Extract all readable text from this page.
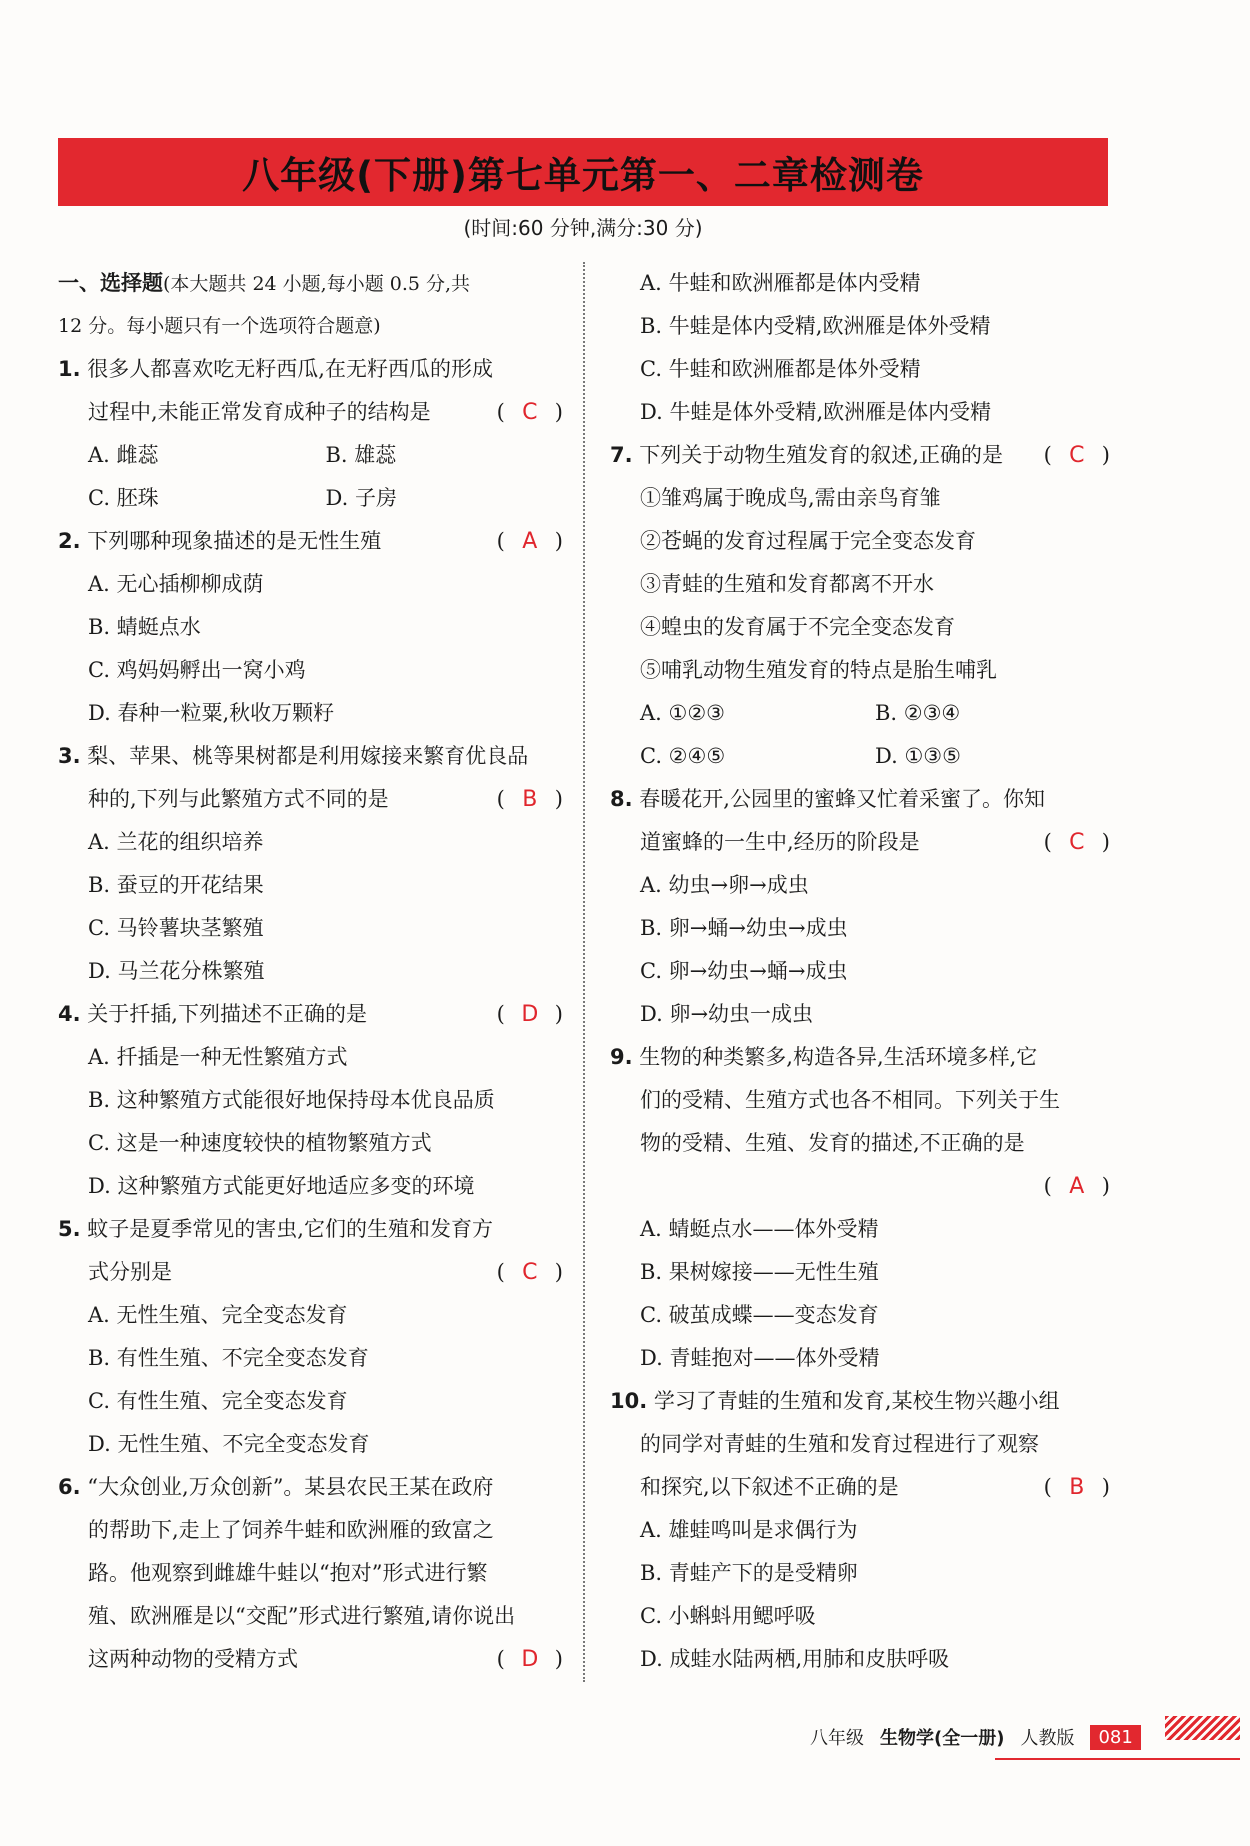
八年级(下册)第七单元第一、二章检测卷
(时间:60 分钟,满分:30 分)
一、选择题(本大题共 24 小题,每小题 0.5 分,共
12 分。每小题只有一个选项符合题意)
1. 很多人都喜欢吃无籽西瓜,在无籽西瓜的形成
过程中,未能正常发育成种子的结构是	( C )
A. 雌蕊	B. 雄蕊
C. 胚珠	D. 子房
2. 下列哪种现象描述的是无性生殖	( A )
A. 无心插柳柳成荫
B. 蜻蜓点水
C. 鸡妈妈孵出一窝小鸡
D. 春种一粒粟,秋收万颗籽
3. 梨、苹果、桃等果树都是利用嫁接来繁育优良品
种的,下列与此繁殖方式不同的是	( B )
A. 兰花的组织培养
B. 蚕豆的开花结果
C. 马铃薯块茎繁殖
D. 马兰花分株繁殖
4. 关于扦插,下列描述不正确的是	( D )
A. 扦插是一种无性繁殖方式
B. 这种繁殖方式能很好地保持母本优良品质
C. 这是一种速度较快的植物繁殖方式
D. 这种繁殖方式能更好地适应多变的环境
5. 蚊子是夏季常见的害虫,它们的生殖和发育方
式分别是	( C )
A. 无性生殖、完全变态发育
B. 有性生殖、不完全变态发育
C. 有性生殖、完全变态发育
D. 无性生殖、不完全变态发育
6. “大众创业,万众创新”。某县农民王某在政府
的帮助下,走上了饲养牛蛙和欧洲雁的致富之
路。他观察到雌雄牛蛙以“抱对”形式进行繁
殖、欧洲雁是以“交配”形式进行繁殖,请你说出
这两种动物的受精方式	( D )
A. 牛蛙和欧洲雁都是体内受精
B. 牛蛙是体内受精,欧洲雁是体外受精
C. 牛蛙和欧洲雁都是体外受精
D. 牛蛙是体外受精,欧洲雁是体内受精
7. 下列关于动物生殖发育的叙述,正确的是 ( C )
①雏鸡属于晚成鸟,需由亲鸟育雏
②苍蝇的发育过程属于完全变态发育
③青蛙的生殖和发育都离不开水
④蝗虫的发育属于不完全变态发育
⑤哺乳动物生殖发育的特点是胎生哺乳
A. ①②③	B. ②③④
C. ②④⑤	D. ①③⑤
8. 春暖花开,公园里的蜜蜂又忙着采蜜了。你知
道蜜蜂的一生中,经历的阶段是	( C )
A. 幼虫→卵→成虫
B. 卵→蛹→幼虫→成虫
C. 卵→幼虫→蛹→成虫
D. 卵→幼虫一成虫
9. 生物的种类繁多,构造各异,生活环境多样,它
们的受精、生殖方式也各不相同。下列关于生
物的受精、生殖、发育的描述,不正确的是
( A )
A. 蜻蜓点水——体外受精
B. 果树嫁接——无性生殖
C. 破茧成蝶——变态发育
D. 青蛙抱对——体外受精
10. 学习了青蛙的生殖和发育,某校生物兴趣小组
的同学对青蛙的生殖和发育过程进行了观察
和探究,以下叙述不正确的是	( B )
A. 雄蛙鸣叫是求偶行为
B. 青蛙产下的是受精卵
C. 小蝌蚪用鳃呼吸
D. 成蛙水陆两栖,用肺和皮肤呼吸
八年级 生物学(全一册) 人教版	081
